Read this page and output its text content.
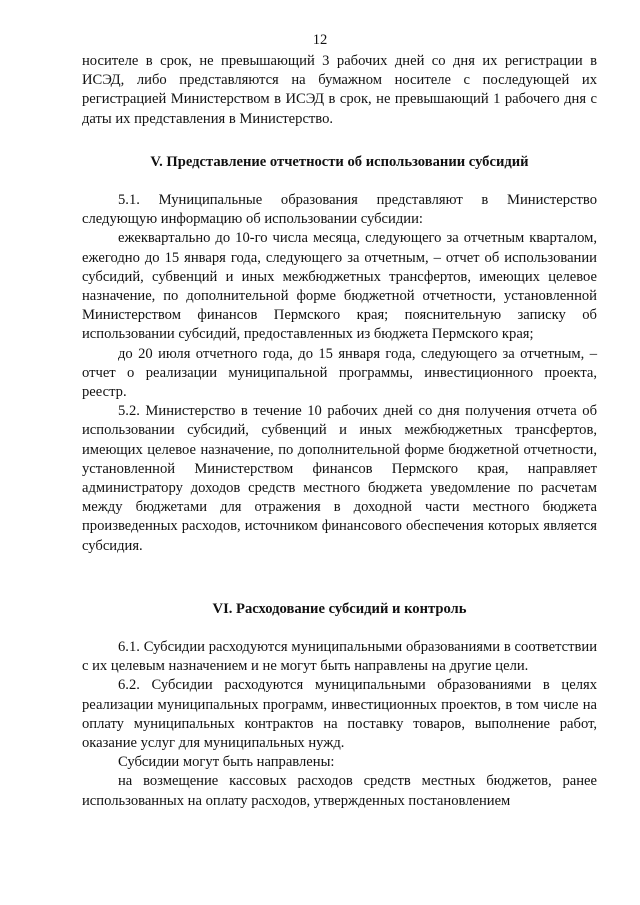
12

носителе в срок, не превышающий 3 рабочих дней со дня их регистрации в ИСЭД, либо представляются на бумажном носителе с последующей их регистрацией Министерством в ИСЭД в срок, не превышающий 1 рабочего дня с даты их представления в Министерство.

V. Представление отчетности об использовании субсидий

5.1. Муниципальные образования представляют в Министерство следующую информацию об использовании субсидии:

ежеквартально до 10-го числа месяца, следующего за отчетным кварталом, ежегодно до 15 января года, следующего за отчетным, – отчет об использовании субсидий, субвенций и иных межбюджетных трансфертов, имеющих целевое назначение, по дополнительной форме бюджетной отчетности, установленной Министерством финансов Пермского края; пояснительную записку об использовании субсидий, предоставленных из бюджета Пермского края;

до 20 июля отчетного года, до 15 января года, следующего за отчетным, – отчет о реализации муниципальной программы, инвестиционного проекта, реестр.

5.2. Министерство в течение 10 рабочих дней со дня получения отчета об использовании субсидий, субвенций и иных межбюджетных трансфертов, имеющих целевое назначение, по дополнительной форме бюджетной отчетности, установленной Министерством финансов Пермского края, направляет администратору доходов средств местного бюджета уведомление по расчетам между бюджетами для отражения в доходной части местного бюджета произведенных расходов, источником финансового обеспечения которых является субсидия.

VI. Расходование субсидий и контроль

6.1. Субсидии расходуются муниципальными образованиями в соответствии с их целевым назначением и не могут быть направлены на другие цели.

6.2. Субсидии расходуются муниципальными образованиями в целях реализации муниципальных программ, инвестиционных проектов, в том числе на оплату муниципальных контрактов на поставку товаров, выполнение работ, оказание услуг для муниципальных нужд.

Субсидии могут быть направлены:

на возмещение кассовых расходов средств местных бюджетов, ранее использованных на оплату расходов, утвержденных постановлением
